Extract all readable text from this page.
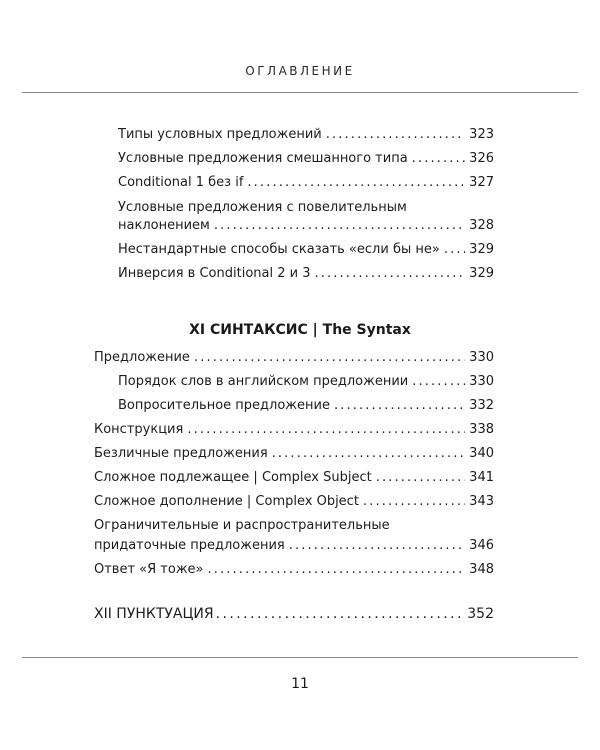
ОГЛАВЛЕНИЕ
Типы условных предложений . . .	323
Условные предложения смешанного типа . . .	326
Conditional 1 без if . . .	327
Условные предложения с повелительным
наклонением . . .	328
Нестандартные способы сказать «если бы не» . . . 329
Инверсия в Conditional 2 и 3 . . .	329
XI СИНТАКСИС | The Syntax
Предложение . . .	330
Порядок слов в английском предложении . . .	330
Вопросительное предложение . . .	332
Конструкция . . .	338
Безличные предложения . . .	340
Сложное подлежащее | Complex Subject . . .	341
Сложное дополнение | Complex Object . . .	343
Ограничительные и распространительные
придаточные предложения . . .	346
Ответ «Я тоже» . . .	348
XII ПУНКТУАЦИЯ . . .	352
11
